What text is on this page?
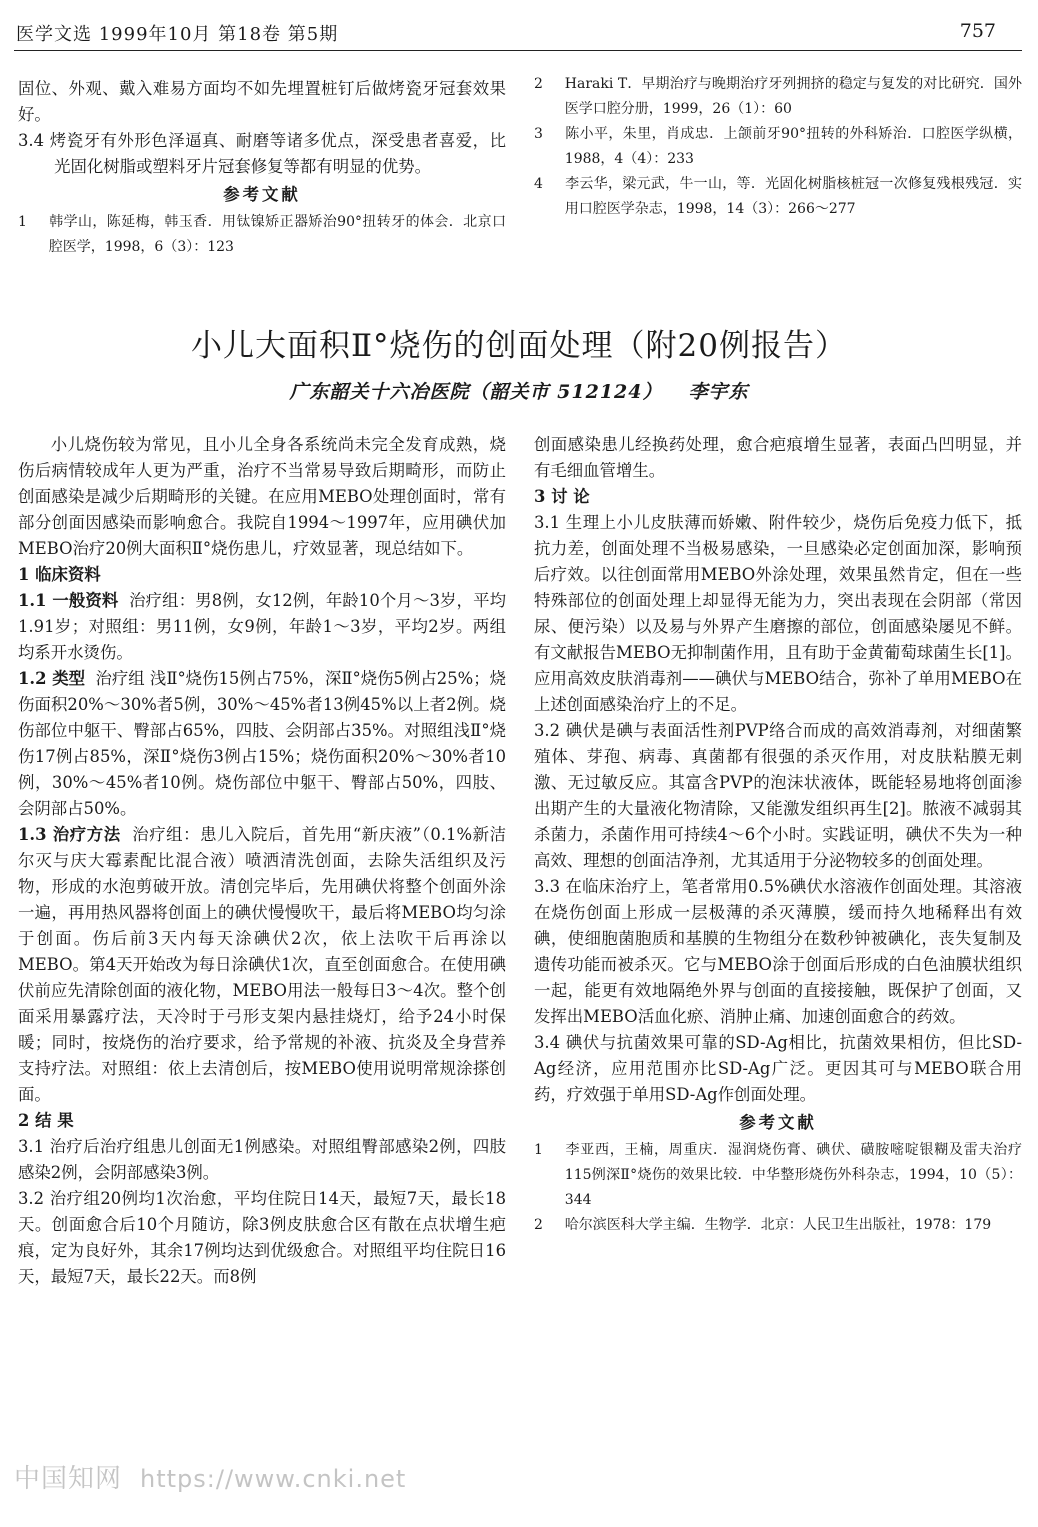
医学文选 1999年10月 第18卷 第5期	757

固位、外观、戴入难易方面均不如先埋置桩钉后做烤瓷牙冠套效果好。

3.4 烤瓷牙有外形色泽逼真、耐磨等诸多优点，深受患者喜爱，比光固化树脂或塑料牙片冠套修复等都有明显的优势。

参考文献

1 韩学山，陈延梅，韩玉香．用钛镍矫正器矫治90°扭转牙的体会．北京口腔医学，1998，6（3）：123

2 Haraki T．早期治疗与晚期治疗牙列拥挤的稳定与复发的对比研究．国外医学口腔分册，1999，26（1）：60

3 陈小平，朱里，肖成忠．上颌前牙90°扭转的外科矫治．口腔医学纵横，1988，4（4）：233

4 李云华，梁元武，牛一山，等．光固化树脂核桩冠一次修复残根残冠．实用口腔医学杂志，1998，14（3）：266～277

小儿大面积Ⅱ°烧伤的创面处理（附20例报告）
广东韶关十六冶医院（韶关市 512124） 李宇东

小儿烧伤较为常见，且小儿全身各系统尚未完全发育成熟，烧伤后病情较成年人更为严重，治疗不当常易导致后期畸形，而防止创面感染是减少后期畸形的关键。在应用MEBO处理创面时，常有部分创面因感染而影响愈合。我院自1994～1997年，应用碘伏加MEBO治疗20例大面积Ⅱ°烧伤患儿，疗效显著，现总结如下。

1 临床资料

1.1 一般资料 治疗组：男8例，女12例，年龄10个月～3岁，平均1.91岁；对照组：男11例，女9例，年龄1～3岁，平均2岁。两组均系开水烫伤。

1.2 类型 治疗组 浅Ⅱ°烧伤15例占75%，深Ⅱ°烧伤5例占25%；烧伤面积20%～30%者5例，30%～45%者13例45%以上者2例。烧伤部位中躯干、臀部占65%，四肢、会阴部占35%。对照组浅Ⅱ°烧伤17例占85%，深Ⅱ°烧伤3例占15%；烧伤面积20%～30%者10例，30%～45%者10例。烧伤部位中躯干、臀部占50%，四肢、会阴部占50%。

1.3 治疗方法 治疗组：患儿入院后，首先用“新庆液”（0.1%新洁尔灭与庆大霉素配比混合液）喷洒清洗创面，去除失活组织及污物，形成的水泡剪破开放。清创完毕后，先用碘伏将整个创面外涂一遍，再用热风器将创面上的碘伏慢慢吹干，最后将MEBO均匀涂于创面。伤后前3天内每天涂碘伏2次，依上法吹干后再涂以MEBO。第4天开始改为每日涂碘伏1次，直至创面愈合。在使用碘伏前应先清除创面的液化物，MEBO用法一般每日3～4次。整个创面采用暴露疗法，天冷时于弓形支架内悬挂烧灯，给予24小时保暖；同时，按烧伤的治疗要求，给予常规的补液、抗炎及全身营养支持疗法。对照组：依上去清创后，按MEBO使用说明常规涂搽创面。

2 结 果

3.1 治疗后治疗组患儿创面无1例感染。对照组臀部感染2例，四肢感染2例，会阴部感染3例。

3.2 治疗组20例均1次治愈，平均住院日14天，最短7天，最长18天。创面愈合后10个月随访，除3例皮肤愈合区有散在点状增生疤痕，定为良好外，其余17例均达到优级愈合。对照组平均住院日16天，最短7天，最长22天。而8例

创面感染患儿经换药处理，愈合疤痕增生显著，表面凸凹明显，并有毛细血管增生。

3 讨 论

3.1 生理上小儿皮肤薄而娇嫩、附件较少，烧伤后免疫力低下，抵抗力差，创面处理不当极易感染，一旦感染必定创面加深，影响预后疗效。以往创面常用MEBO外涂处理，效果虽然肯定，但在一些特殊部位的创面处理上却显得无能为力，突出表现在会阴部（常因尿、便污染）以及易与外界产生磨擦的部位，创面感染屡见不鲜。有文献报告MEBO无抑制菌作用，且有助于金黄葡萄球菌生长[1]。应用高效皮肤消毒剂——碘伏与MEBO结合，弥补了单用MEBO在上述创面感染治疗上的不足。

3.2 碘伏是碘与表面活性剂PVP络合而成的高效消毒剂，对细菌繁殖体、芽孢、病毒、真菌都有很强的杀灭作用，对皮肤粘膜无刺激、无过敏反应。其富含PVP的泡沫状液体，既能轻易地将创面渗出期产生的大量液化物清除，又能激发组织再生[2]。脓液不减弱其杀菌力，杀菌作用可持续4～6个小时。实践证明，碘伏不失为一种高效、理想的创面洁净剂，尤其适用于分泌物较多的创面处理。

3.3 在临床治疗上，笔者常用0.5%碘伏水溶液作创面处理。其溶液在烧伤创面上形成一层极薄的杀灭薄膜，缓而持久地稀释出有效碘，使细胞菌胞质和基膜的生物组分在数秒钟被碘化，丧失复制及遗传功能而被杀灭。它与MEBO涂于创面后形成的白色油膜状组织一起，能更有效地隔绝外界与创面的直接接触，既保护了创面，又发挥出MEBO活血化瘀、消肿止痛、加速创面愈合的药效。

3.4 碘伏与抗菌效果可靠的SD-Ag相比，抗菌效果相仿，但比SD-Ag经济，应用范围亦比SD-Ag广泛。更因其可与MEBO联合用药，疗效强于单用SD-Ag作创面处理。

参考文献

1 李亚西，王楠，周重庆．湿润烧伤膏、碘伏、磺胺嘧啶银糊及雷夫治疗115例深Ⅱ°烧伤的效果比较．中华整形烧伤外科杂志，1994，10（5）：344

2 哈尔滨医科大学主编．生物学．北京：人民卫生出版社，1978：179

中国知网 https://www.cnki.net
